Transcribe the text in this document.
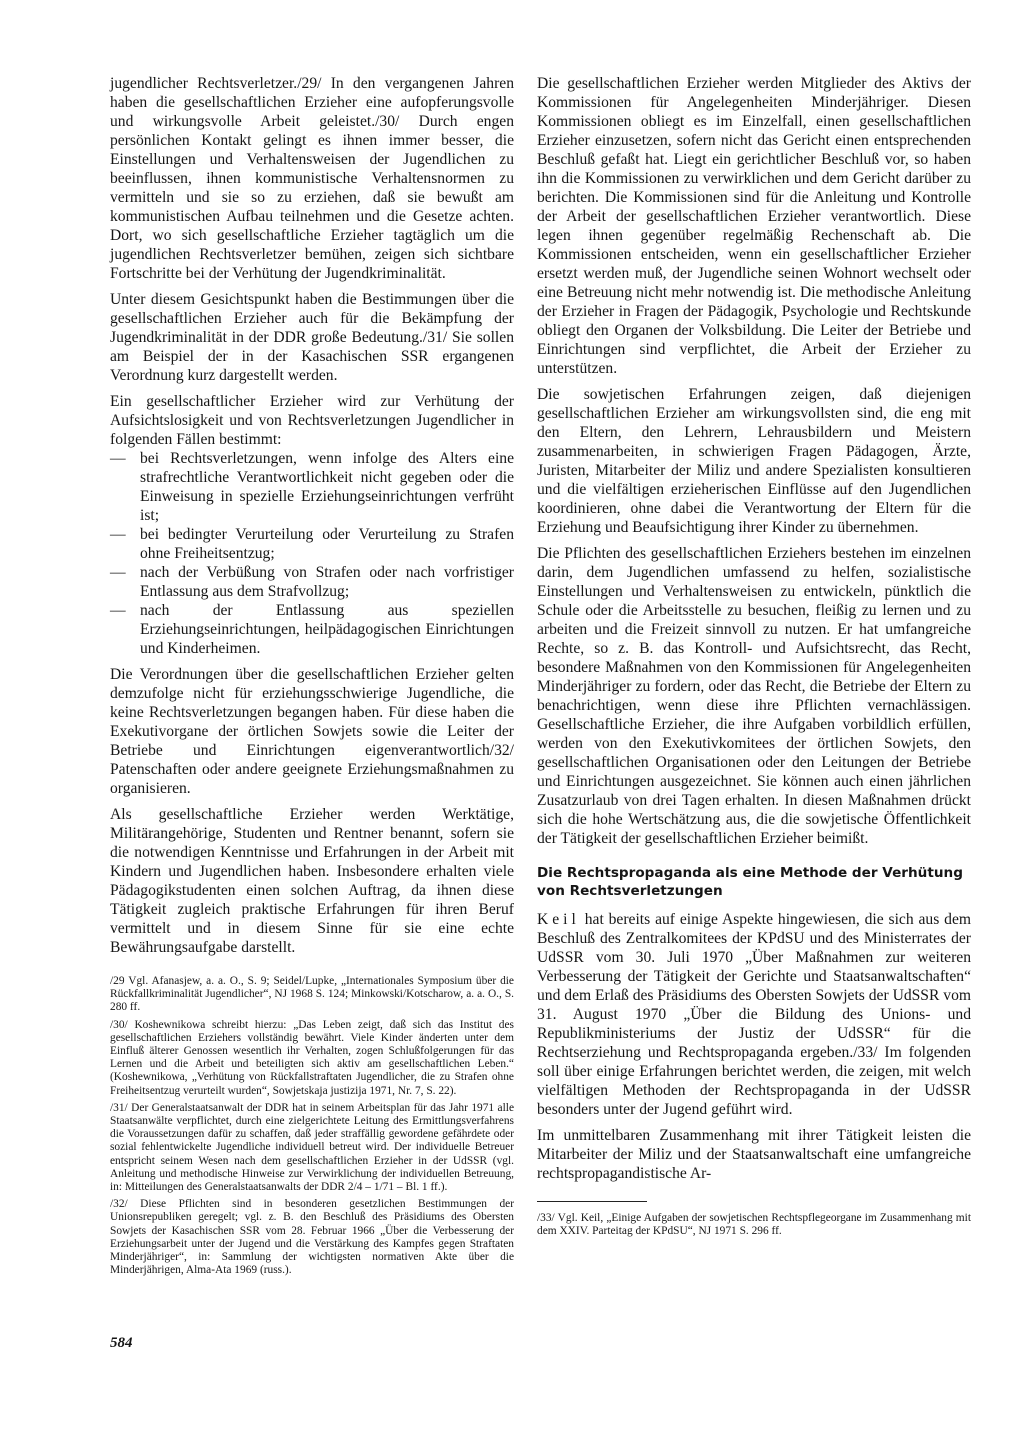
jugendlicher Rechtsverletzer./29/ In den vergangenen Jahren haben die gesellschaftlichen Erzieher eine aufopferungsvolle und wirkungsvolle Arbeit geleistet./30/ Durch engen persönlichen Kontakt gelingt es ihnen immer besser, die Einstellungen und Verhaltensweisen der Jugendlichen zu beeinflussen, ihnen kommunistische Verhaltensnormen zu vermitteln und sie so zu erziehen, daß sie bewußt am kommunistischen Aufbau teilnehmen und die Gesetze achten. Dort, wo sich gesellschaftliche Erzieher tagtäglich um die jugendlichen Rechtsverletzer bemühen, zeigen sich sichtbare Fortschritte bei der Verhütung der Jugendkriminalität.

Unter diesem Gesichtspunkt haben die Bestimmungen über die gesellschaftlichen Erzieher auch für die Bekämpfung der Jugendkriminalität in der DDR große Bedeutung./31/ Sie sollen am Beispiel der in der Kasachischen SSR ergangenen Verordnung kurz dargestellt werden.

Ein gesellschaftlicher Erzieher wird zur Verhütung der Aufsichtslosigkeit und von Rechtsverletzungen Jugendlicher in folgenden Fällen bestimmt:

— bei Rechtsverletzungen, wenn infolge des Alters eine strafrechtliche Verantwortlichkeit nicht gegeben oder die Einweisung in spezielle Erziehungseinrichtungen verfrüht ist;
— bei bedingter Verurteilung oder Verurteilung zu Strafen ohne Freiheitsentzug;
— nach der Verbüßung von Strafen oder nach vorfristiger Entlassung aus dem Strafvollzug;
— nach der Entlassung aus speziellen Erziehungseinrichtungen, heilpädagogischen Einrichtungen und Kinderheimen.

Die Verordnungen über die gesellschaftlichen Erzieher gelten demzufolge nicht für erziehungsschwierige Jugendliche, die keine Rechtsverletzungen begangen haben. Für diese haben die Exekutivorgane der örtlichen Sowjets sowie die Leiter der Betriebe und Einrichtungen eigenverantwortlich/32/ Patenschaften oder andere geeignete Erziehungsmaßnahmen zu organisieren.

Als gesellschaftliche Erzieher werden Werktätige, Militärangehörige, Studenten und Rentner benannt, sofern sie die notwendigen Kenntnisse und Erfahrungen in der Arbeit mit Kindern und Jugendlichen haben. Insbesondere erhalten viele Pädagogikstudenten einen solchen Auftrag, da ihnen diese Tätigkeit zugleich praktische Erfahrungen für ihren Beruf vermittelt und in diesem Sinne für sie eine echte Bewährungsaufgabe darstellt.

/29 Vgl. Afanasjew, a. a. O., S. 9; Seidel/Lupke, „Internationales Symposium über die Rückfallkriminalität Jugendlicher“, NJ 1968 S. 124; Minkowski/Kotscharow, a. a. O., S. 280 ff.

/30/ Koshewnikowa schreibt hierzu: „Das Leben zeigt, daß sich das Institut des gesellschaftlichen Erziehers vollständig bewährt. Viele Kinder änderten unter dem Einfluß älterer Genossen wesentlich ihr Verhalten, zogen Schlußfolgerungen für das Lernen und die Arbeit und beteiligten sich aktiv am gesellschaftlichen Leben.“ (Koshewnikowa, „Verhütung von Rückfallstraftaten Jugendlicher, die zu Strafen ohne Freiheitsentzug verurteilt wurden“, Sowjetskaja justizija 1971, Nr. 7, S. 22).

/31/ Der Generalstaatsanwalt der DDR hat in seinem Arbeitsplan für das Jahr 1971 alle Staatsanwälte verpflichtet, durch eine zielgerichtete Leitung des Ermittlungsverfahrens die Voraussetzungen dafür zu schaffen, daß jeder straffällig gewordene gefährdete oder sozial fehlentwickelte Jugendliche individuell betreut wird. Der individuelle Betreuer entspricht seinem Wesen nach dem gesellschaftlichen Erzieher in der UdSSR (vgl. Anleitung und methodische Hinweise zur Verwirklichung der individuellen Betreuung, in: Mitteilungen des Generalstaatsanwalts der DDR 2/4 – 1/71 – Bl. 1 ff.).

/32/ Diese Pflichten sind in besonderen gesetzlichen Bestimmungen der Unionsrepubliken geregelt; vgl. z. B. den Beschluß des Präsidiums des Obersten Sowjets der Kasachischen SSR vom 28. Februar 1966 „Über die Verbesserung der Erziehungsarbeit unter der Jugend und die Verstärkung des Kampfes gegen Straftaten Minderjähriger“, in: Sammlung der wichtigsten normativen Akte über die Minderjährigen, Alma-Ata 1969 (russ.).

Die gesellschaftlichen Erzieher werden Mitglieder des Aktivs der Kommissionen für Angelegenheiten Minderjähriger. Diesen Kommissionen obliegt es im Einzelfall, einen gesellschaftlichen Erzieher einzusetzen, sofern nicht das Gericht einen entsprechenden Beschluß gefaßt hat. Liegt ein gerichtlicher Beschluß vor, so haben ihn die Kommissionen zu verwirklichen und dem Gericht darüber zu berichten. Die Kommissionen sind für die Anleitung und Kontrolle der Arbeit der gesellschaftlichen Erzieher verantwortlich. Diese legen ihnen gegenüber regelmäßig Rechenschaft ab. Die Kommissionen entscheiden, wenn ein gesellschaftlicher Erzieher ersetzt werden muß, der Jugendliche seinen Wohnort wechselt oder eine Betreuung nicht mehr notwendig ist. Die methodische Anleitung der Erzieher in Fragen der Pädagogik, Psychologie und Rechtskunde obliegt den Organen der Volksbildung. Die Leiter der Betriebe und Einrichtungen sind verpflichtet, die Arbeit der Erzieher zu unterstützen.

Die sowjetischen Erfahrungen zeigen, daß diejenigen gesellschaftlichen Erzieher am wirkungsvollsten sind, die eng mit den Eltern, den Lehrern, Lehrausbildern und Meistern zusammenarbeiten, in schwierigen Fragen Pädagogen, Ärzte, Juristen, Mitarbeiter der Miliz und andere Spezialisten konsultieren und die vielfältigen erzieherischen Einflüsse auf den Jugendlichen koordinieren, ohne dabei die Verantwortung der Eltern für die Erziehung und Beaufsichtigung ihrer Kinder zu übernehmen.

Die Pflichten des gesellschaftlichen Erziehers bestehen im einzelnen darin, dem Jugendlichen umfassend zu helfen, sozialistische Einstellungen und Verhaltensweisen zu entwickeln, pünktlich die Schule oder die Arbeitsstelle zu besuchen, fleißig zu lernen und zu arbeiten und die Freizeit sinnvoll zu nutzen. Er hat umfangreiche Rechte, so z. B. das Kontroll- und Aufsichtsrecht, das Recht, besondere Maßnahmen von den Kommissionen für Angelegenheiten Minderjähriger zu fordern, oder das Recht, die Betriebe der Eltern zu benachrichtigen, wenn diese ihre Pflichten vernachlässigen. Gesellschaftliche Erzieher, die ihre Aufgaben vorbildlich erfüllen, werden von den Exekutivkomitees der örtlichen Sowjets, den gesellschaftlichen Organisationen oder den Leitungen der Betriebe und Einrichtungen ausgezeichnet. Sie können auch einen jährlichen Zusatzurlaub von drei Tagen erhalten. In diesen Maßnahmen drückt sich die hohe Wertschätzung aus, die die sowjetische Öffentlichkeit der Tätigkeit der gesellschaftlichen Erzieher beimißt.

Die Rechtspropaganda als eine Methode der Verhütung von Rechtsverletzungen

Keil hat bereits auf einige Aspekte hingewiesen, die sich aus dem Beschluß des Zentralkomitees der KPdSU und des Ministerrates der UdSSR vom 30. Juli 1970 „Über Maßnahmen zur weiteren Verbesserung der Tätigkeit der Gerichte und Staatsanwaltschaften“ und dem Erlaß des Präsidiums des Obersten Sowjets der UdSSR vom 31. August 1970 „Über die Bildung des Unions- und Republikministeriums der Justiz der UdSSR“ für die Rechtserziehung und Rechtspropaganda ergeben./33/ Im folgenden soll über einige Erfahrungen berichtet werden, die zeigen, mit welch vielfältigen Methoden der Rechtspropaganda in der UdSSR besonders unter der Jugend geführt wird.

Im unmittelbaren Zusammenhang mit ihrer Tätigkeit leisten die Mitarbeiter der Miliz und der Staatsanwaltschaft eine umfangreiche rechtspropagandistische Ar-

/33/ Vgl. Keil, „Einige Aufgaben der sowjetischen Rechtspflegeorgane im Zusammenhang mit dem XXIV. Parteitag der KPdSU“, NJ 1971 S. 296 ff.

584
